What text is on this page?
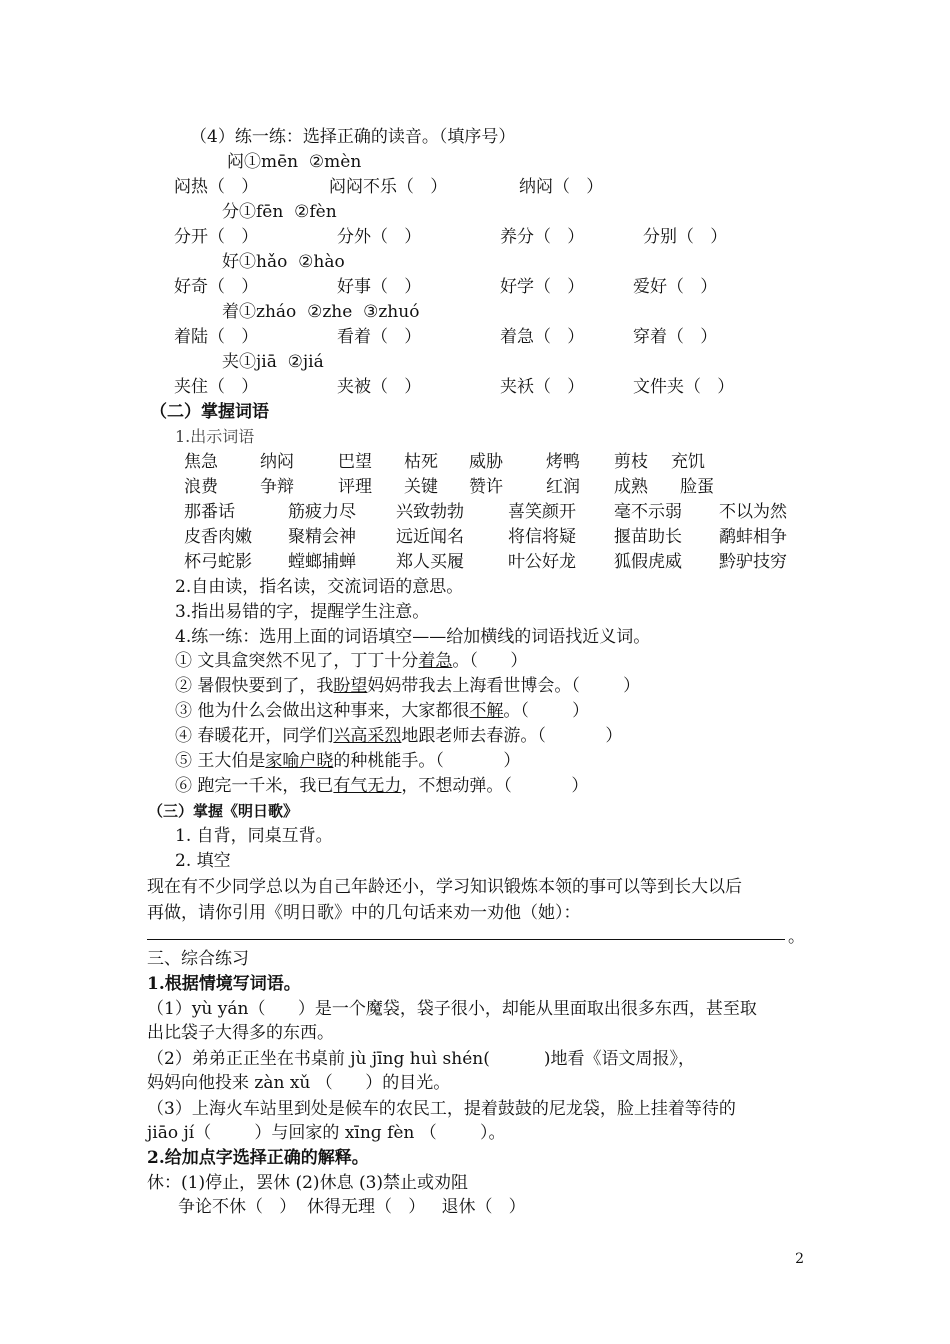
（4）练一练：选择正确的读音。（填序号）
闷①mēn  ②mèn
闷热（   ）	闷闷不乐（   ）	纳闷（   ）
分①fēn  ②fèn
分开（   ）	分外（   ）	养分（   ）	分别（   ）
好①hǎo  ②hào
好奇（   ）	好事（   ）	好学（   ）	爱好（   ）
着①zháo  ②zhe  ③zhuó
着陆（   ）	看着（   ）	着急（   ）	穿着（   ）
夹①jiā  ②jiá
夹住（   ）	夹被（   ）	夹袄（   ）	文件夹（   ）
（二）掌握词语
1.出示词语
焦急 纳闷	巴望 枯死 威胁	烤鸭 剪枝 充饥
浪费 争辩	评理 关键 赞许	红润 成熟 脸蛋
那番话	筋疲力尽 兴致勃勃	喜笑颜开 毫不示弱 不以为然
皮香肉嫩 聚精会神 远近闻名	将信将疑 揠苗助长 鹬蚌相争
杯弓蛇影 螳螂捕蝉 郑人买履	叶公好龙 狐假虎威 黔驴技穷
2.自由读，指名读，交流词语的意思。
3.指出易错的字，提醒学生注意。
4.练一练：选用上面的词语填空——给加横线的词语找近义词。
① 文具盒突然不见了，丁丁十分着急。（      ）
② 暑假快要到了，我盼望妈妈带我去上海看世博会。（        ）
③ 他为什么会做出这种事来，大家都很不解。（        ）
④ 春暖花开，同学们兴高采烈地跟老师去春游。（           ）
⑤ 王大伯是家喻户晓的种桃能手。（           ）
⑥ 跑完一千米，我已有气无力，不想动弹。（           ）
（三）掌握《明日歌》
1. 自背，同桌互背。
2. 填空
现在有不少同学总以为自己年龄还小，学习知识锻炼本领的事可以等到长大以后
再做，请你引用《明日歌》中的几句话来劝一劝他（她）：
。
三、综合练习
1.根据情境写词语。
（1）yù yán（      ）是一个魔袋，袋子很小，却能从里面取出很多东西，甚至取
出比袋子大得多的东西。
（2）弟弟正正坐在书桌前 jù jīng huì shén(          )地看《语文周报》，
妈妈向他投来 zàn xǔ （      ）的目光。
（3）上海火车站里到处是候车的农民工，提着鼓鼓的尼龙袋，脸上挂着等待的
jiāo jí（        ）与回家的 xīnɡ fèn （        ）。
2.给加点字选择正确的解释。
休：(1)停止，罢休 (2)休息 (3)禁止或劝阻
争论不休（   ）  休得无理（   ）   退休（   ）
2
